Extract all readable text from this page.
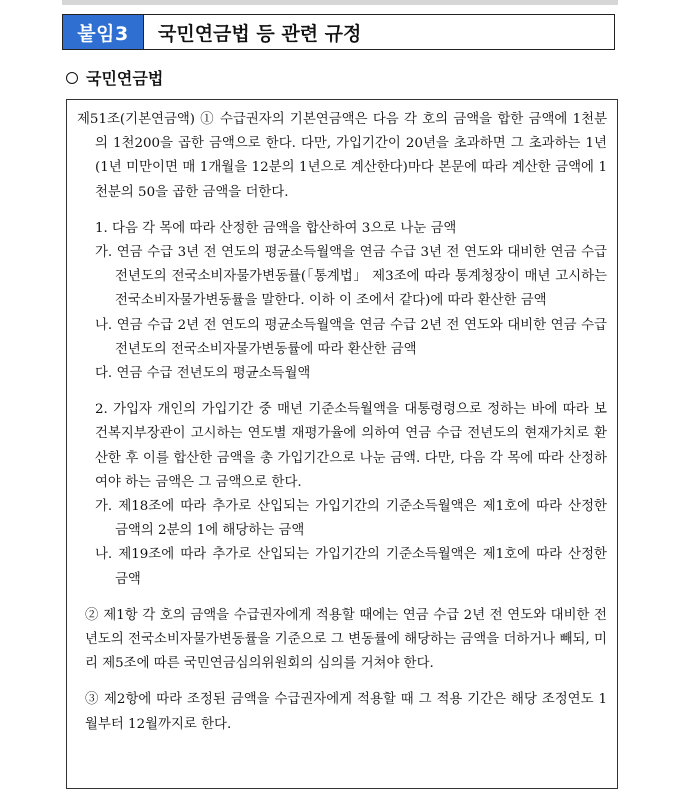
붙임3	국민연금법 등 관련 규정
국민연금법

제51조(기본연금액) ① 수급권자의 기본연금액은 다음 각 호의 금액을 합한 금액에 1천분의 1천200을 곱한 금액으로 한다. 다만, 가입기간이 20년을 초과하면 그 초과하는 1년(1년 미만이면 매 1개월을 12분의 1년으로 계산한다)마다 본문에 따라 계산한 금액에 1천분의 50을 곱한 금액을 더한다.

1. 다음 각 목에 따라 산정한 금액을 합산하여 3으로 나눈 금액

가. 연금 수급 3년 전 연도의 평균소득월액을 연금 수급 3년 전 연도와 대비한 연금 수급 전년도의 전국소비자물가변동률(「통계법」 제3조에 따라 통계청장이 매년 고시하는 전국소비자물가변동률을 말한다. 이하 이 조에서 같다)에 따라 환산한 금액

나. 연금 수급 2년 전 연도의 평균소득월액을 연금 수급 2년 전 연도와 대비한 연금 수급 전년도의 전국소비자물가변동률에 따라 환산한 금액

다. 연금 수급 전년도의 평균소득월액

2. 가입자 개인의 가입기간 중 매년 기준소득월액을 대통령령으로 정하는 바에 따라 보건복지부장관이 고시하는 연도별 재평가율에 의하여 연금 수급 전년도의 현재가치로 환산한 후 이를 합산한 금액을 총 가입기간으로 나눈 금액. 다만, 다음 각 목에 따라 산정하여야 하는 금액은 그 금액으로 한다.

가. 제18조에 따라 추가로 산입되는 가입기간의 기준소득월액은 제1호에 따라 산정한 금액의 2분의 1에 해당하는 금액

나. 제19조에 따라 추가로 산입되는 가입기간의 기준소득월액은 제1호에 따라 산정한 금액

② 제1항 각 호의 금액을 수급권자에게 적용할 때에는 연금 수급 2년 전 연도와 대비한 전년도의 전국소비자물가변동률을 기준으로 그 변동률에 해당하는 금액을 더하거나 빼되, 미리 제5조에 따른 국민연금심의위원회의 심의를 거쳐야 한다.

③ 제2항에 따라 조정된 금액을 수급권자에게 적용할 때 그 적용 기간은 해당 조정연도 1월부터 12월까지로 한다.
